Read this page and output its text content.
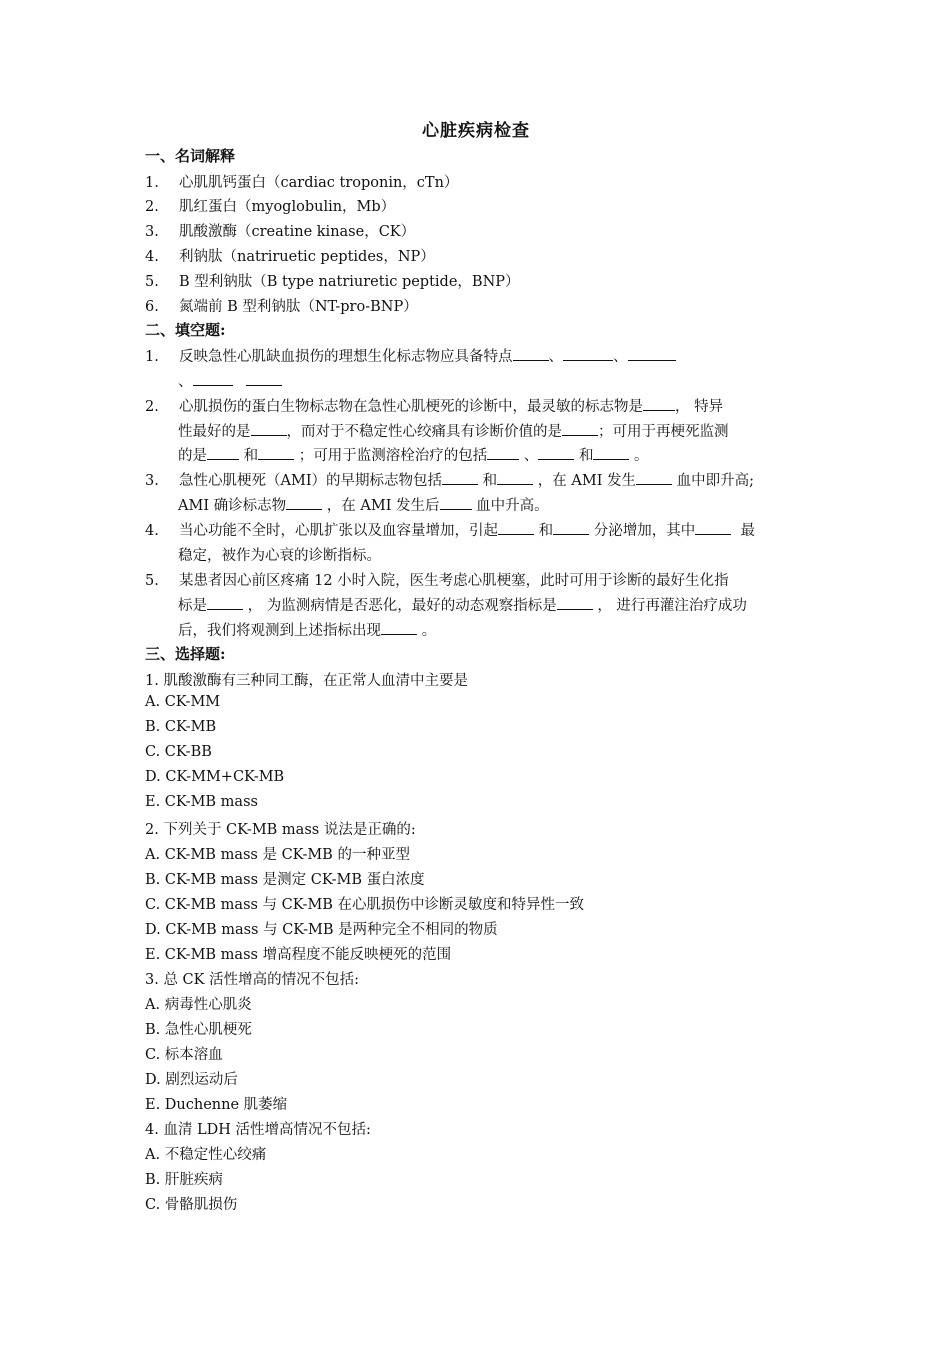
心脏疾病检查
一、名词解释
1. 心肌肌钙蛋白（cardiac troponin，cTn）
2. 肌红蛋白（myoglobulin，Mb）
3. 肌酸激酶（creatine kinase，CK）
4. 利钠肽（natriruetic peptides，NP）
5. B 型利钠肽（B type natriuretic peptide，BNP）
6. 氮端前 B 型利钠肽（NT-pro-BNP）
二、填空题:
1. 反映急性心肌缺血损伤的理想生化标志物应具备特点 、	、
、
2. 心肌损伤的蛋白生物标志物在急性心肌梗死的诊断中，最灵敏的标志物是 ， 特异
性最好的是 ，而对于不稳定性心绞痛具有诊断价值的是 ；可用于再梗死监测
的是	和	；可用于监测溶栓治疗的包括	、	和	。
3. 急性心肌梗死（AMI）的早期标志物包括	和	，在 AMI 发生	血中即升高;
AMI 确诊标志物	，在 AMI 发生后	血中升高。
4. 当心功能不全时，心肌扩张以及血容量增加，引起	和	分泌增加，其中	最
稳定，被作为心衰的诊断指标。
5. 某患者因心前区疼痛 12 小时入院，医生考虑心肌梗塞，此时可用于诊断的最好生化指
标是	， 为监测病情是否恶化，最好的动态观察指标是	， 进行再灌注治疗成功
后，我们将观测到上述指标出现	。
三、选择题:
1. 肌酸激酶有三种同工酶，在正常人血清中主要是
A. CK-MM
B. CK-MB
C. CK-BB
D. CK-MM+CK-MB
E. CK-MB mass
2. 下列关于 CK-MB mass 说法是正确的:
A. CK-MB mass 是 CK-MB 的一种亚型
B. CK-MB mass 是测定 CK-MB 蛋白浓度
C. CK-MB mass 与 CK-MB 在心肌损伤中诊断灵敏度和特异性一致
D. CK-MB mass 与 CK-MB 是两种完全不相同的物质
E. CK-MB mass 增高程度不能反映梗死的范围
3. 总 CK 活性增高的情况不包括:
A. 病毒性心肌炎
B. 急性心肌梗死
C. 标本溶血
D. 剧烈运动后
E. Duchenne 肌萎缩
4. 血清 LDH 活性增高情况不包括:
A. 不稳定性心绞痛
B. 肝脏疾病
C. 骨骼肌损伤
